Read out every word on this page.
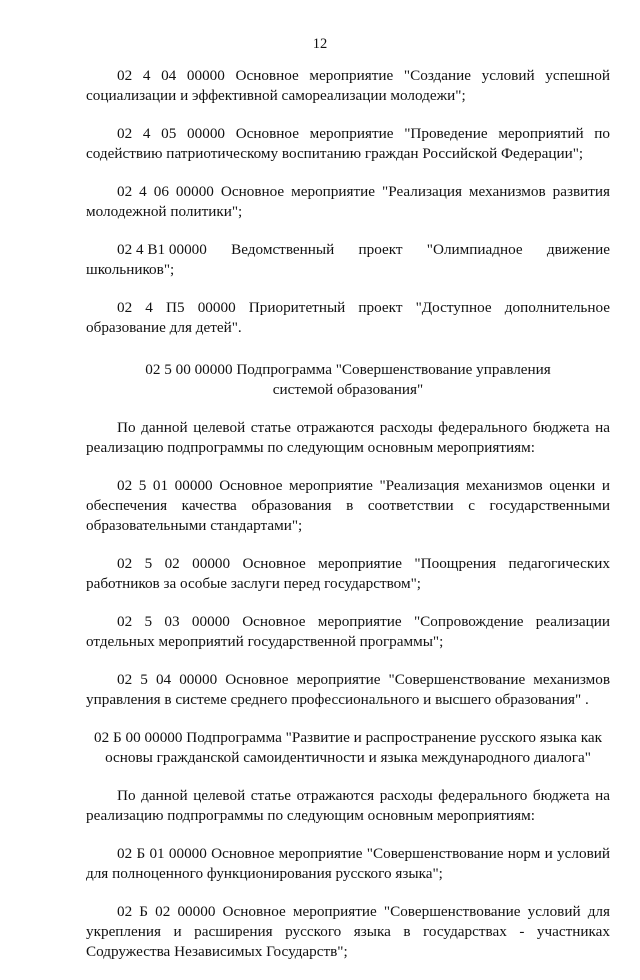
12

02 4 04 00000 Основное мероприятие "Создание условий успешной социализации и эффективной самореализации молодежи";

02 4 05 00000 Основное мероприятие "Проведение мероприятий по содействию патриотическому воспитанию граждан Российской Федерации";

02 4 06 00000 Основное мероприятие "Реализация механизмов развития молодежной политики";

02 4 В1 00000 Ведомственный проект "Олимпиадное движение
школьников";

02 4 П5 00000 Приоритетный проект "Доступное дополнительное образование для детей".

02 5 00 00000 Подпрограмма "Совершенствование управления
системой образования"

По данной целевой статье отражаются расходы федерального бюджета на реализацию подпрограммы по следующим основным мероприятиям:

02 5 01 00000 Основное мероприятие "Реализация механизмов оценки и обеспечения качества образования в соответствии с государственными образовательными стандартами";

02 5 02 00000 Основное мероприятие "Поощрения педагогических работников за особые заслуги перед государством";

02 5 03 00000 Основное мероприятие "Сопровождение реализации отдельных мероприятий государственной программы";

02 5 04 00000 Основное мероприятие "Совершенствование механизмов управления в системе среднего профессионального и высшего образования" .

02 Б 00 00000 Подпрограмма "Развитие и распространение русского языка как
основы гражданской самоидентичности и языка международного диалога"

По данной целевой статье отражаются расходы федерального бюджета на реализацию подпрограммы по следующим основным мероприятиям:

02 Б 01 00000 Основное мероприятие "Совершенствование норм и условий для полноценного функционирования русского языка";

02 Б 02 00000 Основное мероприятие "Совершенствование условий для укрепления и расширения русского языка в государствах - участниках Содружества Независимых Государств";
